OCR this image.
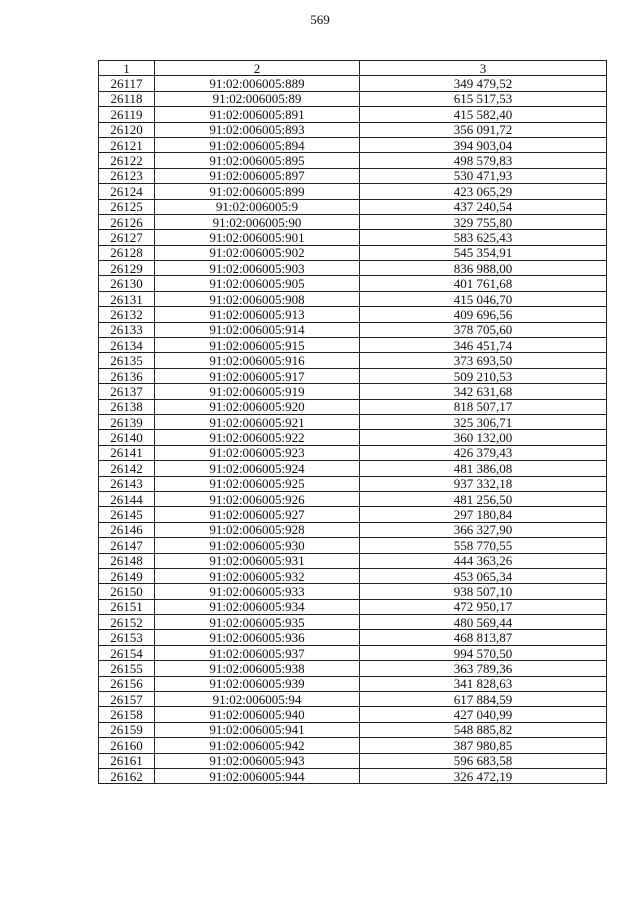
569
1	2	3
26117	91:02:006005:889	349 479,52
26118	91:02:006005:89	615 517,53
26119	91:02:006005:891	415 582,40
26120	91:02:006005:893	356 091,72
26121	91:02:006005:894	394 903,04
26122	91:02:006005:895	498 579,83
26123	91:02:006005:897	530 471,93
26124	91:02:006005:899	423 065,29
26125	91:02:006005:9	437 240,54
26126	91:02:006005:90	329 755,80
26127	91:02:006005:901	583 625,43
26128	91:02:006005:902	545 354,91
26129	91:02:006005:903	836 988,00
26130	91:02:006005:905	401 761,68
26131	91:02:006005:908	415 046,70
26132	91:02:006005:913	409 696,56
26133	91:02:006005:914	378 705,60
26134	91:02:006005:915	346 451,74
26135	91:02:006005:916	373 693,50
26136	91:02:006005:917	509 210,53
26137	91:02:006005:919	342 631,68
26138	91:02:006005:920	818 507,17
26139	91:02:006005:921	325 306,71
26140	91:02:006005:922	360 132,00
26141	91:02:006005:923	426 379,43
26142	91:02:006005:924	481 386,08
26143	91:02:006005:925	937 332,18
26144	91:02:006005:926	481 256,50
26145	91:02:006005:927	297 180,84
26146	91:02:006005:928	366 327,90
26147	91:02:006005:930	558 770,55
26148	91:02:006005:931	444 363,26
26149	91:02:006005:932	453 065,34
26150	91:02:006005:933	938 507,10
26151	91:02:006005:934	472 950,17
26152	91:02:006005:935	480 569,44
26153	91:02:006005:936	468 813,87
26154	91:02:006005:937	994 570,50
26155	91:02:006005:938	363 789,36
26156	91:02:006005:939	341 828,63
26157	91:02:006005:94	617 884,59
26158	91:02:006005:940	427 040,99
26159	91:02:006005:941	548 885,82
26160	91:02:006005:942	387 980,85
26161	91:02:006005:943	596 683,58
26162	91:02:006005:944	326 472,19
